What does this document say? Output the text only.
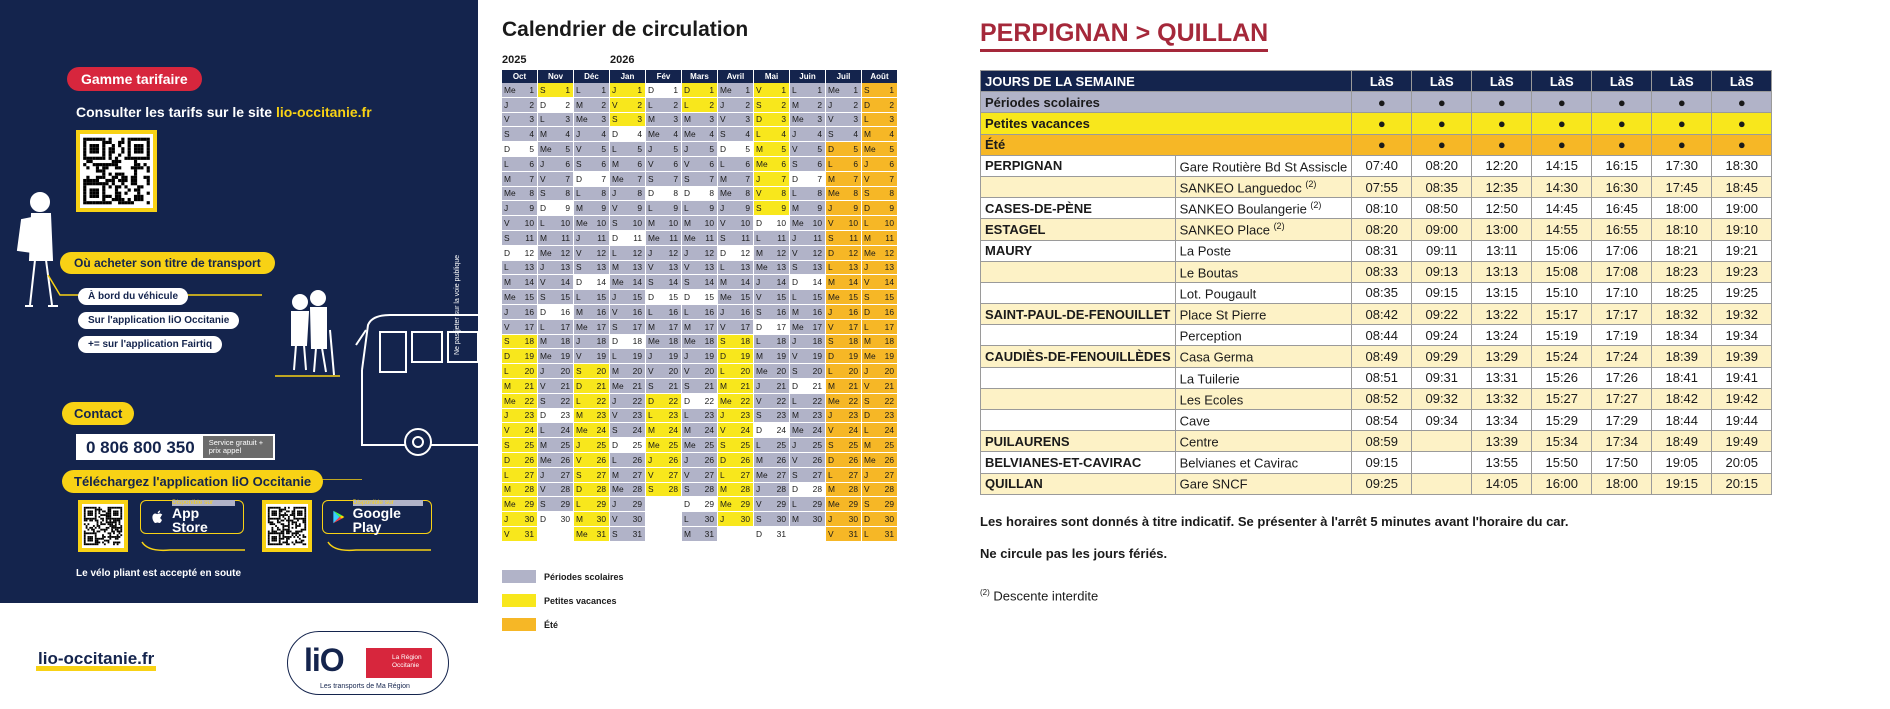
Gamme tarifaire
Consulter les tarifs sur le site lio-occitanie.fr
Où acheter son titre de transport
À bord du véhicule
Sur l'application liO Occitanie
+= sur l'application Fairtiq	Ne pas jeter sur la voie publique
Contact
0 806 800 350	Service gratuit + prix appel
Téléchargez l'application liO Occitanie
Disponible sur
App Store
Disponible sur
Google Play
Le vélo pliant est accepté en soute
lio-occitanie.fr	liO	La Région Occitanie
Les transports de Ma Région
Calendrier de circulation
2025	2026
Oct	Nov	Déc	Jan	Fév	Mars	Avril	Mai	Juin	Juil	Août

Me 1	S 1	L 1	J 1	D 1	D 1	Me 1	V 1	L 1	Me 1	S 1

J 2	D 2	M 2	V 2	L 2	L 2	J 2	S 2	M 2	J 2	D 2

V 3	L 3	Me 3	S 3	M 3	M 3	V 3	D 3	Me 3	V 3	L 3

S 4	M 4	J 4	D 4	Me 4	Me 4	S 4	L 4	J 4	S 4	M 4

D 5	Me 5	V 5	L 5	J 5	J 5	D 5	M 5	V 5	D 5	Me 5

L 6	J 6	S 6	M 6	V 6	V 6	L 6	Me 6	S 6	L 6	J 6

M 7	V 7	D 7	Me 7	S 7	S 7	M 7	J 7	D 7	M 7	V 7

Me 8	S 8	L 8	J 8	D 8	D 8	Me 8	V 8	L 8	Me 8	S 8

J 9	D 9	M 9	V 9	L 9	L 9	J 9	S 9	M 9	J 9	D 9

V 10	L 10	Me 10	S 10	M 10	M 10	V 10	D 10	Me 10	V 10	L 10

S 11	M 11	J 11	D 11	Me 11	Me 11	S 11	L 11	J 11	S 11	M 11

D 12	Me 12	V 12	L 12	J 12	J 12	D 12	M 12	V 12	D 12	Me 12

L 13	J 13	S 13	M 13	V 13	V 13	L 13	Me 13	S 13	L 13	J 13

M 14	V 14	D 14	Me 14	S 14	S 14	M 14	J 14	D 14	M 14	V 14

Me 15	S 15	L 15	J 15	D 15	D 15	Me 15	V 15	L 15	Me 15	S 15

J 16	D 16	M 16	V 16	L 16	L 16	J 16	S 16	M 16	J 16	D 16

V 17	L 17	Me 17	S 17	M 17	M 17	V 17	D 17	Me 17	V 17	L 17

S 18	M 18	J 18	D 18	Me 18	Me 18	S 18	L 18	J 18	S 18	M 18

D 19	Me 19	V 19	L 19	J 19	J 19	D 19	M 19	V 19	D 19	Me 19

L 20	J 20	S 20	M 20	V 20	V 20	L 20	Me 20	S 20	L 20	J 20

M 21	V 21	D 21	Me 21	S 21	S 21	M 21	J 21	D 21	M 21	V 21

Me 22	S 22	L 22	J 22	D 22	D 22	Me 22	V 22	L 22	Me 22	S 22

J 23	D 23	M 23	V 23	L 23	L 23	J 23	S 23	M 23	J 23	D 23

V 24	L 24	Me 24	S 24	M 24	M 24	V 24	D 24	Me 24	V 24	L 24

S 25	M 25	J 25	D 25	Me 25	Me 25	S 25	L 25	J 25	S 25	M 25

D 26	Me 26	V 26	L 26	J 26	J 26	D 26	M 26	V 26	D 26	Me 26

L 27	J 27	S 27	M 27	V 27	V 27	L 27	Me 27	S 27	L 27	J 27

M 28	V 28	D 28	Me 28	S 28	S 28	M 28	J 28	D 28	M 28	V 28

Me 29	S 29	L 29	J 29		D 29	Me 29	V 29	L 29	Me 29	S 29

J 30	D 30	M 30	V 30		L 30	J 30	S 30	M 30	J 30	D 30

V 31		Me 31	S 31		M 31		D 31		V 31	L 31
Périodes scolaires
Petites vacances
Été
PERPIGNAN > QUILLAN
JOURS DE LA SEMAINE		LàS	LàS	LàS	LàS	LàS	LàS	LàS
Périodes scolaires		●	●	●	●	●	●	●
Petites vacances		●	●	●	●	●	●	●
Été		●	●	●	●	●	●	●
PERPIGNAN	Gare Routière Bd St Assiscle	07:40	08:20	12:20	14:15	16:15	17:30	18:30
	SANKEO Languedoc $^{(2)}$	07:55	08:35	12:35	14:30	16:30	17:45	18:45
CASES-DE-PÈNE	SANKEO Boulangerie $^{(2)}$	08:10	08:50	12:50	14:45	16:45	18:00	19:00
ESTAGEL	SANKEO Place $^{(2)}$	08:20	09:00	13:00	14:55	16:55	18:10	19:10
MAURY	La Poste	08:31	09:11	13:11	15:06	17:06	18:21	19:21
	Le Boutas	08:33	09:13	13:13	15:08	17:08	18:23	19:23
	Lot. Pougault	08:35	09:15	13:15	15:10	17:10	18:25	19:25
SAINT-PAUL-DE-FENOUILLET	Place St Pierre	08:42	09:22	13:22	15:17	17:17	18:32	19:32
	Perception	08:44	09:24	13:24	15:19	17:19	18:34	19:34
CAUDIÈS-DE-FENOUILLÈDES	Casa Germa	08:49	09:29	13:29	15:24	17:24	18:39	19:39
	La Tuilerie	08:51	09:31	13:31	15:26	17:26	18:41	19:41
	Les Ecoles	08:52	09:32	13:32	15:27	17:27	18:42	19:42
	Cave	08:54	09:34	13:34	15:29	17:29	18:44	19:44
PUILAURENS	Centre	08:59		13:39	15:34	17:34	18:49	19:49
BELVIANES-ET-CAVIRAC	Belvianes et Cavirac	09:15		13:55	15:50	17:50	19:05	20:05
QUILLAN	Gare SNCF	09:25		14:05	16:00	18:00	19:15	20:15
Les horaires sont donnés à titre indicatif. Se présenter à l'arrêt 5 minutes avant l'horaire du car.
Ne circule pas les jours fériés.
$^{(2)}$ Descente interdite
